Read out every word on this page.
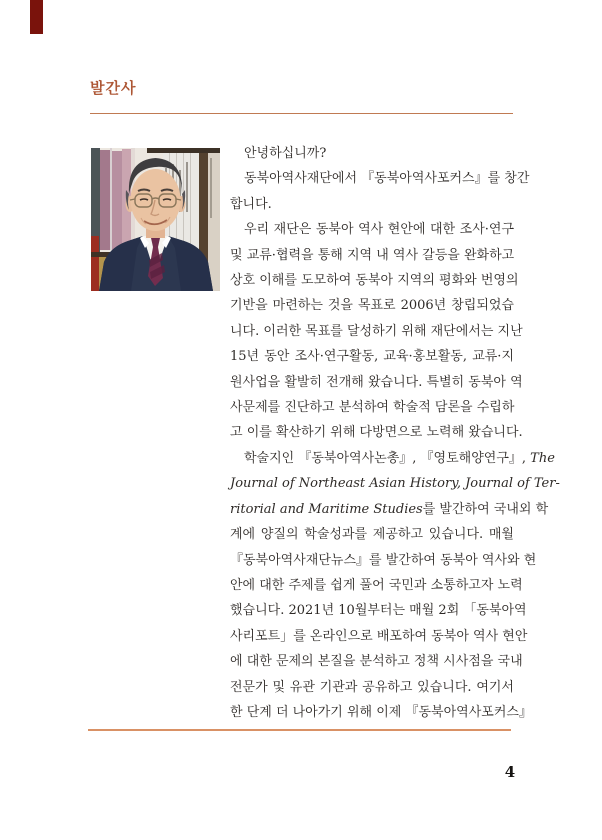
발간사
안녕하십니까?
동북아역사재단에서 『동북아역사포커스』를 창간
합니다.
우리 재단은 동북아 역사 현안에 대한 조사·연구
및 교류·협력을 통해 지역 내 역사 갈등을 완화하고
상호 이해를 도모하여 동북아 지역의 평화와 번영의
기반을 마련하는 것을 목표로 2006년 창립되었습
니다. 이러한 목표를 달성하기 위해 재단에서는 지난
15년 동안 조사·연구활동, 교육·홍보활동, 교류·지
원사업을 활발히 전개해 왔습니다. 특별히 동북아 역
사문제를 진단하고 분석하여 학술적 담론을 수립하
고 이를 확산하기 위해 다방면으로 노력해 왔습니다.
학술지인 『동북아역사논총』, 『영토해양연구』, The
Journal of Northeast Asian History, Journal of Ter-
ritorial and Maritime Studies를 발간하여 국내외 학
계에 양질의 학술성과를 제공하고 있습니다. 매월
『동북아역사재단뉴스』를 발간하여 동북아 역사와 현
안에 대한 주제를 쉽게 풀어 국민과 소통하고자 노력
했습니다. 2021년 10월부터는 매월 2회 「동북아역
사리포트」를 온라인으로 배포하여 동북아 역사 현안
에 대한 문제의 본질을 분석하고 정책 시사점을 국내
전문가 및 유관 기관과 공유하고 있습니다. 여기서
한 단계 더 나아가기 위해 이제 『동북아역사포커스』
4
